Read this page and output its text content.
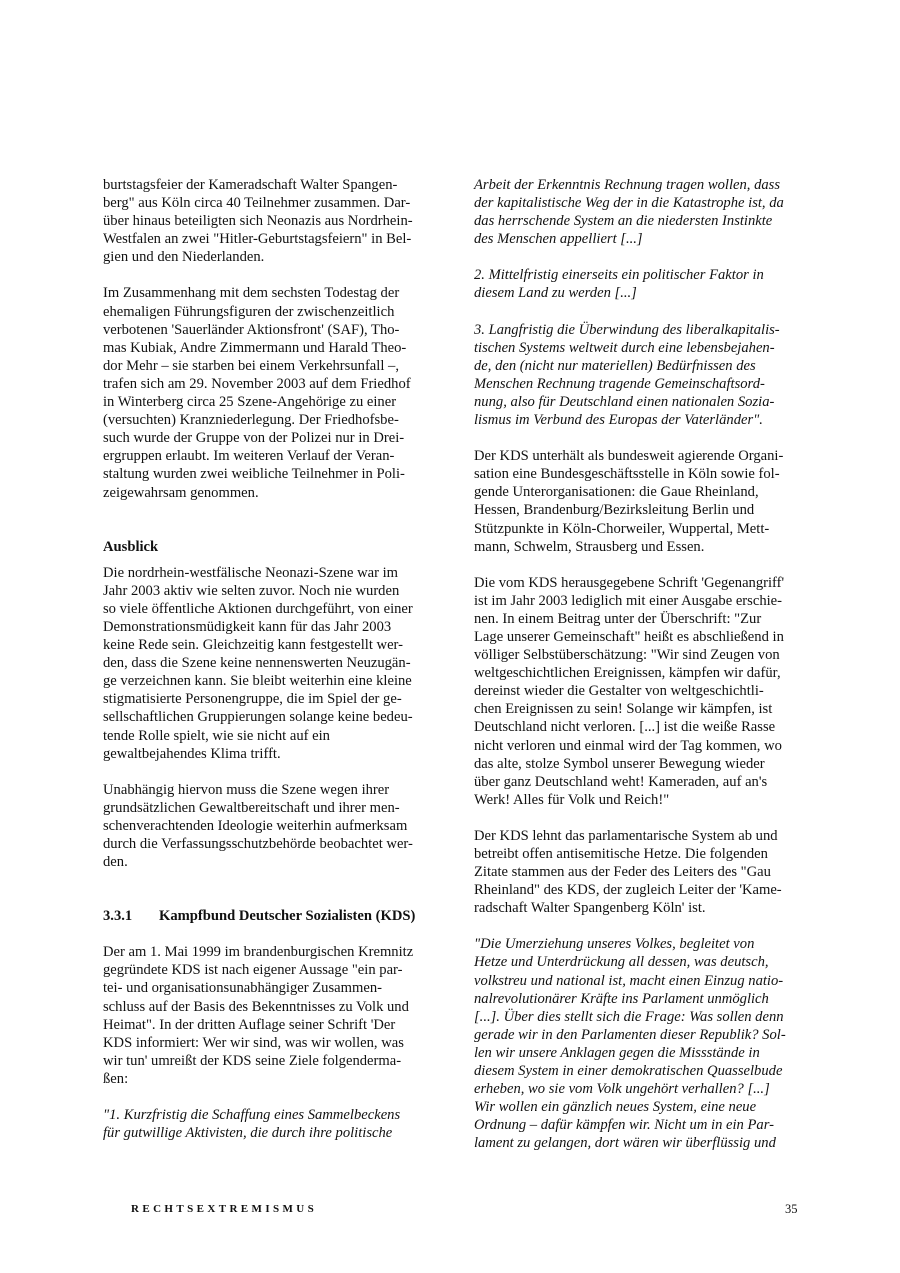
burtstagsfeier der Kameradschaft Walter Spangen-
berg" aus Köln circa 40 Teilnehmer zusammen. Dar-
über hinaus beteiligten sich Neonazis aus Nordrhein-
Westfalen an zwei "Hitler-Geburtstagsfeiern" in Bel-
gien und den Niederlanden.

Im Zusammenhang mit dem sechsten Todestag der
ehemaligen Führungsfiguren der zwischenzeitlich
verbotenen 'Sauerländer Aktionsfront' (SAF), Tho-
mas Kubiak, Andre Zimmermann und Harald Theo-
dor Mehr – sie starben bei einem Verkehrsunfall –,
trafen sich am 29. November 2003 auf dem Friedhof
in Winterberg circa 25 Szene-Angehörige zu einer
(versuchten) Kranzniederlegung. Der Friedhofsbe-
such wurde der Gruppe von der Polizei nur in Drei-
ergruppen erlaubt. Im weiteren Verlauf der Veran-
staltung wurden zwei weibliche Teilnehmer in Poli-
zeigewahrsam genommen.

Ausblick

Die nordrhein-westfälische Neonazi-Szene war im
Jahr 2003 aktiv wie selten zuvor. Noch nie wurden
so viele öffentliche Aktionen durchgeführt, von einer
Demonstrationsmüdigkeit kann für das Jahr 2003
keine Rede sein. Gleichzeitig kann festgestellt wer-
den, dass die Szene keine nennenswerten Neuzugän-
ge verzeichnen kann. Sie bleibt weiterhin eine kleine
stigmatisierte Personengruppe, die im Spiel der ge-
sellschaftlichen Gruppierungen solange keine bedeu-
tende Rolle spielt, wie sie nicht auf ein
gewaltbejahendes Klima trifft.

Unabhängig hiervon muss die Szene wegen ihrer
grundsätzlichen Gewaltbereitschaft und ihrer men-
schenverachtenden Ideologie weiterhin aufmerksam
durch die Verfassungsschutzbehörde beobachtet wer-
den.

3.3.1 Kampfbund Deutscher Sozialisten (KDS)

Der am 1. Mai 1999 im brandenburgischen Kremnitz
gegründete KDS ist nach eigener Aussage "ein par-
tei- und organisationsunabhängiger Zusammen-
schluss auf der Basis des Bekenntnisses zu Volk und
Heimat". In der dritten Auflage seiner Schrift 'Der
KDS informiert: Wer wir sind, was wir wollen, was
wir tun' umreißt der KDS seine Ziele folgenderma-
ßen:

"1. Kurzfristig die Schaffung eines Sammelbeckens
für gutwillige Aktivisten, die durch ihre politische

Arbeit der Erkenntnis Rechnung tragen wollen, dass
der kapitalistische Weg der in die Katastrophe ist, da
das herrschende System an die niedersten Instinkte
des Menschen appelliert [...]

2. Mittelfristig einerseits ein politischer Faktor in
diesem Land zu werden [...]

3. Langfristig die Überwindung des liberalkapitalis-
tischen Systems weltweit durch eine lebensbejahen-
de, den (nicht nur materiellen) Bedürfnissen des
Menschen Rechnung tragende Gemeinschaftsord-
nung, also für Deutschland einen nationalen Sozia-
lismus im Verbund des Europas der Vaterländer".

Der KDS unterhält als bundesweit agierende Organi-
sation eine Bundesgeschäftsstelle in Köln sowie fol-
gende Unterorganisationen: die Gaue Rheinland,
Hessen, Brandenburg/Bezirksleitung Berlin und
Stützpunkte in Köln-Chorweiler, Wuppertal, Mett-
mann, Schwelm, Strausberg und Essen.

Die vom KDS herausgegebene Schrift 'Gegenangriff'
ist im Jahr 2003 lediglich mit einer Ausgabe erschie-
nen. In einem Beitrag unter der Überschrift: "Zur
Lage unserer Gemeinschaft" heißt es abschließend in
völliger Selbstüberschätzung: "Wir sind Zeugen von
weltgeschichtlichen Ereignissen, kämpfen wir dafür,
dereinst wieder die Gestalter von weltgeschichtli-
chen Ereignissen zu sein! Solange wir kämpfen, ist
Deutschland nicht verloren. [...] ist die weiße Rasse
nicht verloren und einmal wird der Tag kommen, wo
das alte, stolze Symbol unserer Bewegung wieder
über ganz Deutschland weht! Kameraden, auf an's
Werk! Alles für Volk und Reich!"

Der KDS lehnt das parlamentarische System ab und
betreibt offen antisemitische Hetze. Die folgenden
Zitate stammen aus der Feder des Leiters des "Gau
Rheinland" des KDS, der zugleich Leiter der 'Kame-
radschaft Walter Spangenberg Köln' ist.

"Die Umerziehung unseres Volkes, begleitet von
Hetze und Unterdrückung all dessen, was deutsch,
volkstreu und national ist, macht einen Einzug natio-
nalrevolutionärer Kräfte ins Parlament unmöglich
[...]. Über dies stellt sich die Frage: Was sollen denn
gerade wir in den Parlamenten dieser Republik? Sol-
len wir unsere Anklagen gegen die Missstände in
diesem System in einer demokratischen Quasselbude
erheben, wo sie vom Volk ungehört verhallen? [...]
Wir wollen ein gänzlich neues System, eine neue
Ordnung – dafür kämpfen wir. Nicht um in ein Par-
lament zu gelangen, dort wären wir überflüssig und

RECHTSEXTREMISMUS	35
